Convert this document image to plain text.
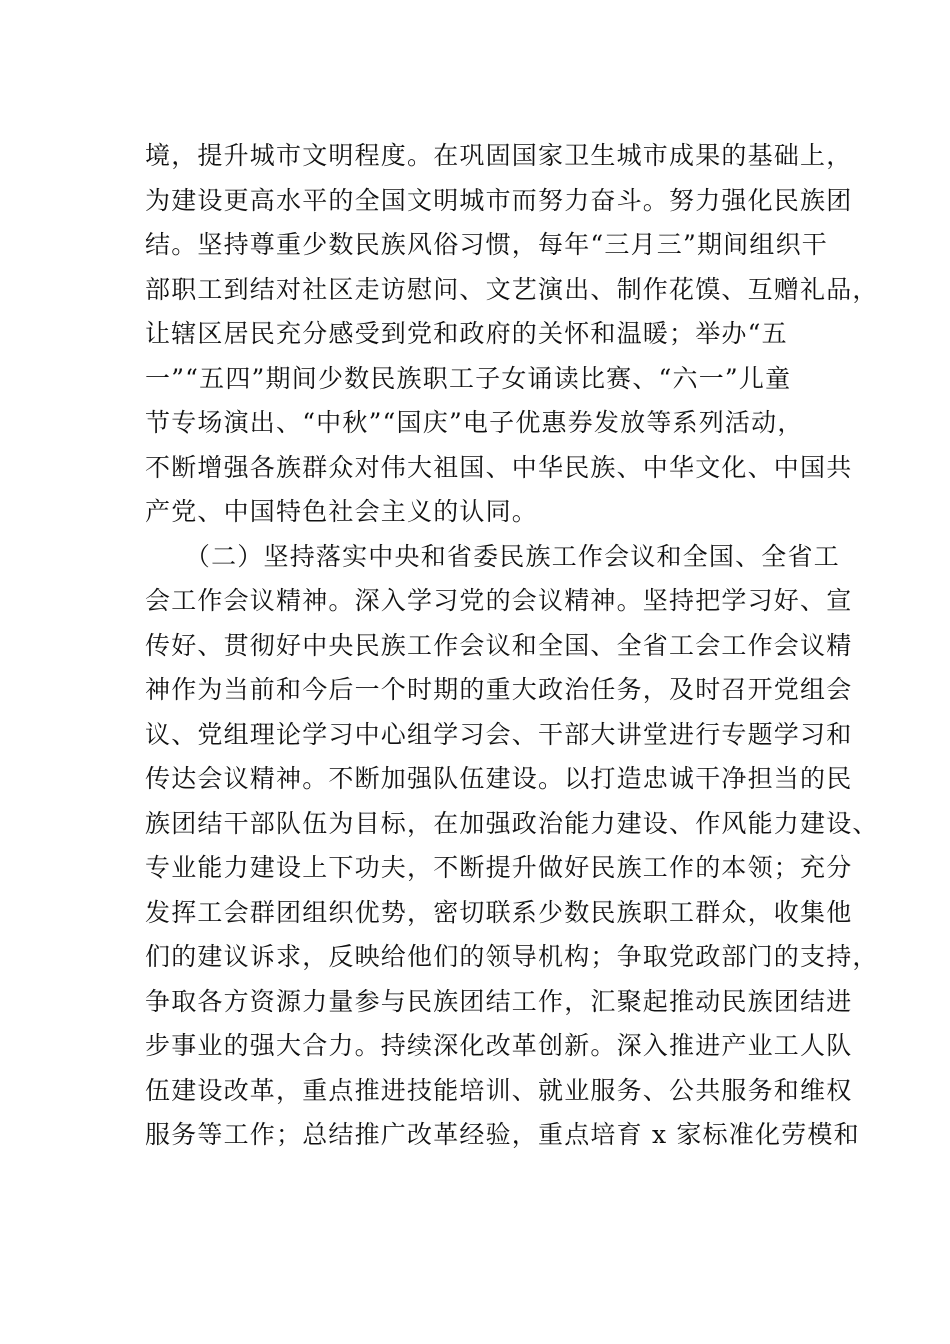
境，提升城市文明程度。在巩固国家卫生城市成果的基础上，
为建设更高水平的全国文明城市而努力奋斗。努力强化民族团
结。坚持尊重少数民族风俗习惯，每年“三月三”期间组织干
部职工到结对社区走访慰问、文艺演出、制作花馍、互赠礼品，
让辖区居民充分感受到党和政府的关怀和温暖；举办“五
一”“五四”期间少数民族职工子女诵读比赛、“六一”儿童
节专场演出、“中秋”“国庆”电子优惠券发放等系列活动，
不断增强各族群众对伟大祖国、中华民族、中华文化、中国共
产党、中国特色社会主义的认同。
　　（二）坚持落实中央和省委民族工作会议和全国、全省工
会工作会议精神。深入学习党的会议精神。坚持把学习好、宣
传好、贯彻好中央民族工作会议和全国、全省工会工作会议精
神作为当前和今后一个时期的重大政治任务，及时召开党组会
议、党组理论学习中心组学习会、干部大讲堂进行专题学习和
传达会议精神。不断加强队伍建设。以打造忠诚干净担当的民
族团结干部队伍为目标，在加强政治能力建设、作风能力建设、
专业能力建设上下功夫，不断提升做好民族工作的本领；充分
发挥工会群团组织优势，密切联系少数民族职工群众，收集他
们的建议诉求，反映给他们的领导机构；争取党政部门的支持，
争取各方资源力量参与民族团结工作，汇聚起推动民族团结进
步事业的强大合力。持续深化改革创新。深入推进产业工人队
伍建设改革，重点推进技能培训、就业服务、公共服务和维权
服务等工作；总结推广改革经验，重点培育 x 家标准化劳模和
